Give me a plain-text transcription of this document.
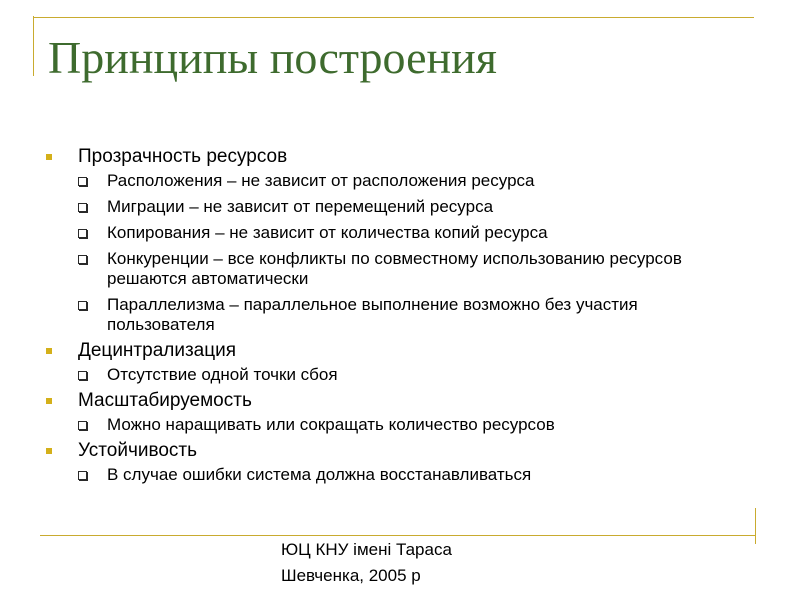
Принципы построения
Прозрачность ресурсов
Расположения – не зависит от расположения ресурса
Миграции – не зависит от перемещений ресурса
Копирования – не зависит от количества копий ресурса
Конкуренции – все конфликты по совместному использованию ресурсов решаются автоматически
Параллелизма – параллельное выполнение возможно без участия пользователя
Децинтрализация
Отсутствие одной точки сбоя
Масштабируемость
Можно наращивать или сокращать количество ресурсов
Устойчивость
В случае ошибки система должна восстанавливаться
ЮЦ КНУ імені Тараса
Шевченка, 2005 р
